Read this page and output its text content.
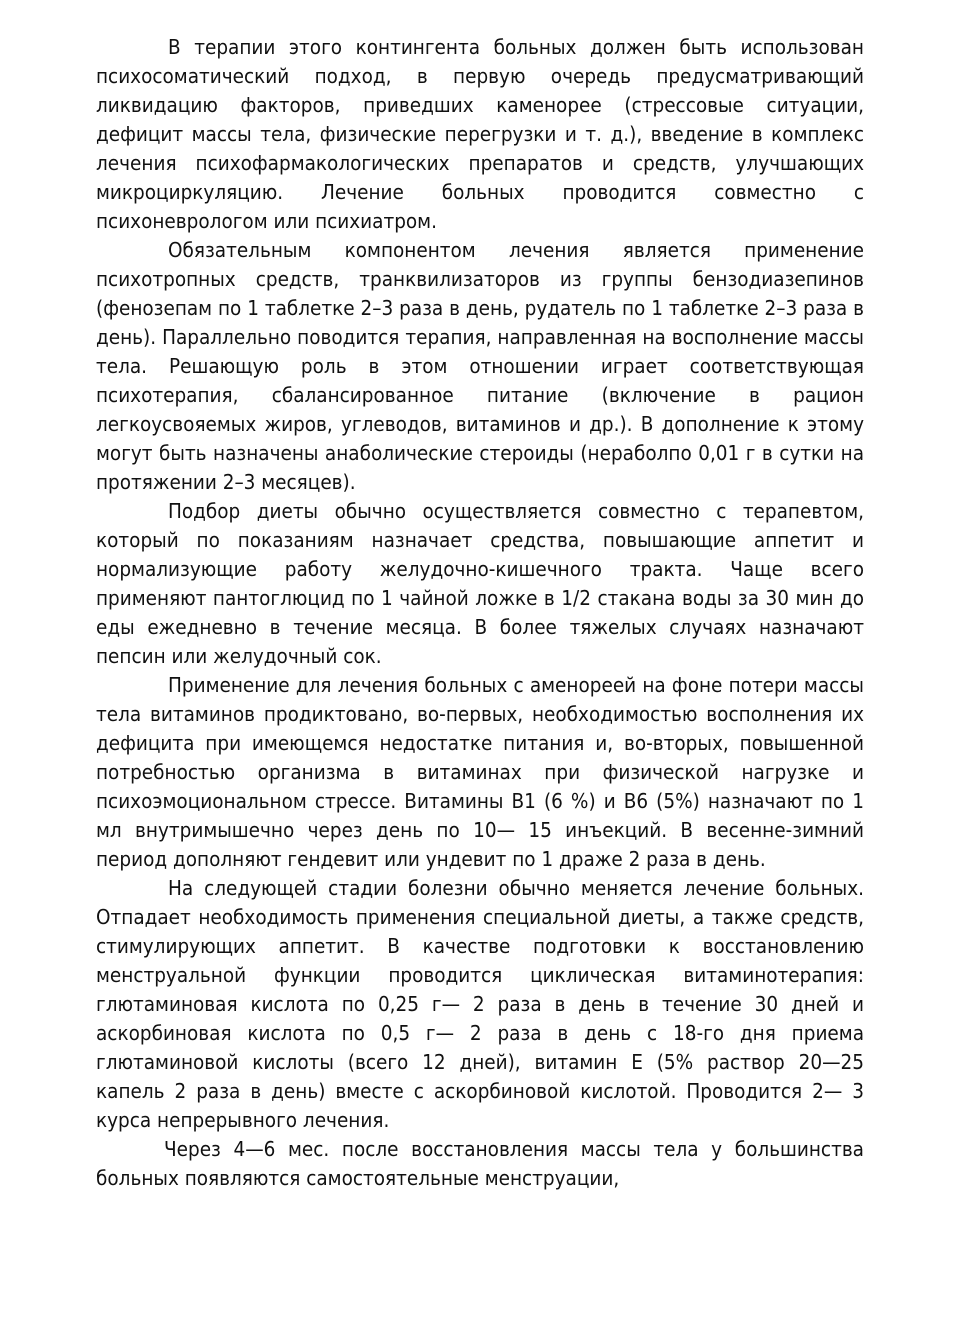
В терапии этого контингента больных должен быть использован психосоматический подход, в первую очередь предусматривающий ликвидацию факторов, приведших каменорее (стрессовые ситуации, дефицит массы тела, физические перегрузки и т. д.), введение в комплекс лечения психофармакологических препаратов и средств, улучшающих микроциркуляцию. Лечение больных проводится совместно с психоневрологом или психиатром.

Обязательным компонентом лечения является применение психотропных средств, транквилизаторов из группы бензодиазепинов (фенозепам по 1 таблетке 2–3 раза в день, рудатель по 1 таблетке 2–3 раза в день). Параллельно поводится терапия, направленная на восполнение массы тела. Решающую роль в этом отношении играет соответствующая психотерапия, сбалансированное питание (включение в рацион легкоусвояемых жиров, углеводов, витаминов и др.). В дополнение к этому могут быть назначены анаболические стероиды (нераболпо 0,01 г в сутки на протяжении 2–3 месяцев).

Подбор диеты обычно осуществляется совместно с терапевтом, который по показаниям назначает средства, повышающие аппетит и нормализующие работу желудочно-кишечного тракта. Чаще всего применяют пантоглюцид по 1 чайной ложке в 1/2 стакана воды за 30 мин до еды ежедневно в течение месяца. В более тяжелых случаях назначают пепсин или желудочный сок.

Применение для лечения больных с аменореей на фоне потери массы тела витаминов продиктовано, во-первых, необходимостью восполнения их дефицита при имеющемся недостатке питания и, во-вторых, повышенной потребностью организма в витаминах при физической нагрузке и психоэмоциональном стрессе. Витамины В1 (6 %) и В6 (5%) назначают по 1 мл внутримышечно через день по 10— 15 инъекций. В весенне-зимний период дополняют гендевит или ундевит по 1 драже 2 раза в день.

На следующей стадии болезни обычно меняется лечение больных. Отпадает необходимость применения специальной диеты, а также средств, стимулирующих аппетит. В качестве подготовки к восстановлению менструальной функции проводится циклическая витаминотерапия: глютаминовая кислота по 0,25 г— 2 раза в день в течение 30 дней и аскорбиновая кислота по 0,5 г— 2 раза в день с 18-го дня приема глютаминовой кислоты (всего 12 дней), витамин Е (5% раствор 20—25 капель 2 раза в день) вместе с аскорбиновой кислотой. Проводится 2— 3 курса непрерывного лечения.

Через 4—6 мес. после восстановления массы тела у большинства больных появляются самостоятельные менструации,
